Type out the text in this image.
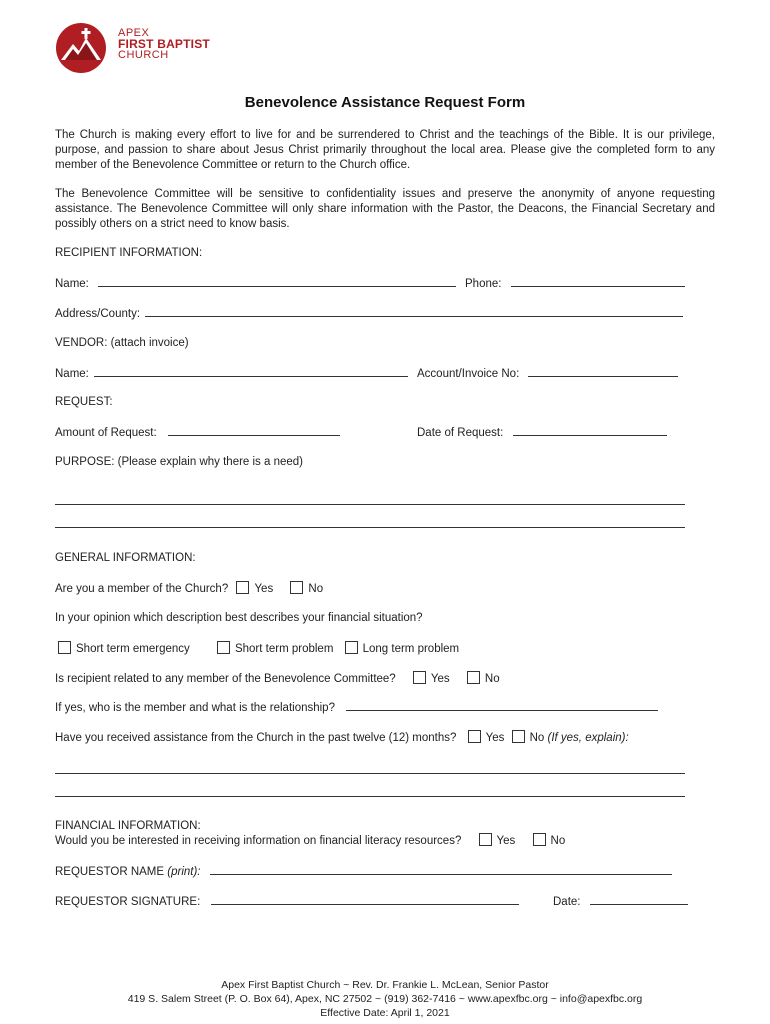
APEX
FIRST BAPTIST
CHURCH
Benevolence Assistance Request Form
The Church is making every effort to live for and be surrendered to Christ and the teachings of the Bible. It is our privilege, purpose, and passion to share about Jesus Christ primarily throughout the local area. Please give the completed form to any member of the Benevolence Committee or return to the Church office.
The Benevolence Committee will be sensitive to confidentiality issues and preserve the anonymity of anyone requesting assistance. The Benevolence Committee will only share information with the Pastor, the Deacons, the Financial Secretary and possibly others on a strict need to know basis.
RECIPIENT INFORMATION:
Name:	Phone:
Address/County:
VENDOR: (attach invoice)
Name:	Account/Invoice No:
REQUEST:
Amount of Request:	Date of Request:
PURPOSE: (Please explain why there is a need)
GENERAL INFORMATION:
Are you a member of the Church? Yes	No
In your opinion which description best describes your financial situation?
Short term emergency	Short term problem	Long term problem
Is recipient related to any member of the Benevolence Committee?	Yes	No
If yes, who is the member and what is the relationship?
Have you received assistance from the Church in the past twelve (12) months?	Yes No (If yes, explain):
FINANCIAL INFORMATION:
Would you be interested in receiving information on financial literacy resources?	Yes	No
REQUESTOR NAME (print):
REQUESTOR SIGNATURE:	Date:
Apex First Baptist Church ~ Rev. Dr. Frankie L. McLean, Senior Pastor
419 S. Salem Street (P. O. Box 64), Apex, NC 27502 ~ (919) 362-7416 ~ www.apexfbc.org ~ info@apexfbc.org
Effective Date: April 1, 2021
